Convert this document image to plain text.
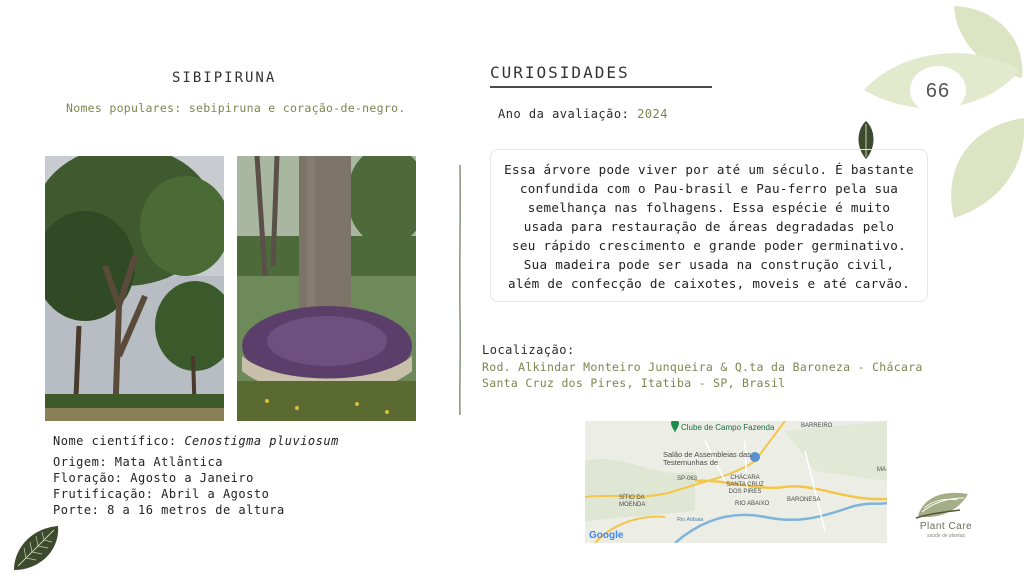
66
SIBIPIRUNA
Nomes populares: sebipiruna e coração-de-negro.
Nome científico: Cenostigma pluviosum
Origem: Mata Atlântica
Floração: Agosto a Janeiro
Frutificação: Abril a Agosto
Porte: 8 a 16 metros de altura
CURIOSIDADES
Ano da avaliação: 2024
Essa árvore pode viver por até um século. É bastante
confundida com o Pau-brasil e Pau-ferro pela sua
semelhança nas folhagens. Essa espécie é muito
usada para restauração de áreas degradadas pelo
seu rápido crescimento e grande poder germinativo.
Sua madeira pode ser usada na construção civil,
além de confecção de caixotes, moveis e até carvão.
Localização:
Rod. Alkindar Monteiro Junqueira & Q.ta da Baroneza - Chácara Santa Cruz dos Pires, Itatiba - SP, Brasil
Clube de Campo Fazenda
Salão de Assembleias das Testemunhas de
SP-063	CHÁCARA SANTA CRUZ DOS PIRES
SÍTIO DA MOENDA	RIO ABAIXO
BARONESA
BARREIRO
Rio Atibaia
MA
Google
Plant Care
saúde de plantas
